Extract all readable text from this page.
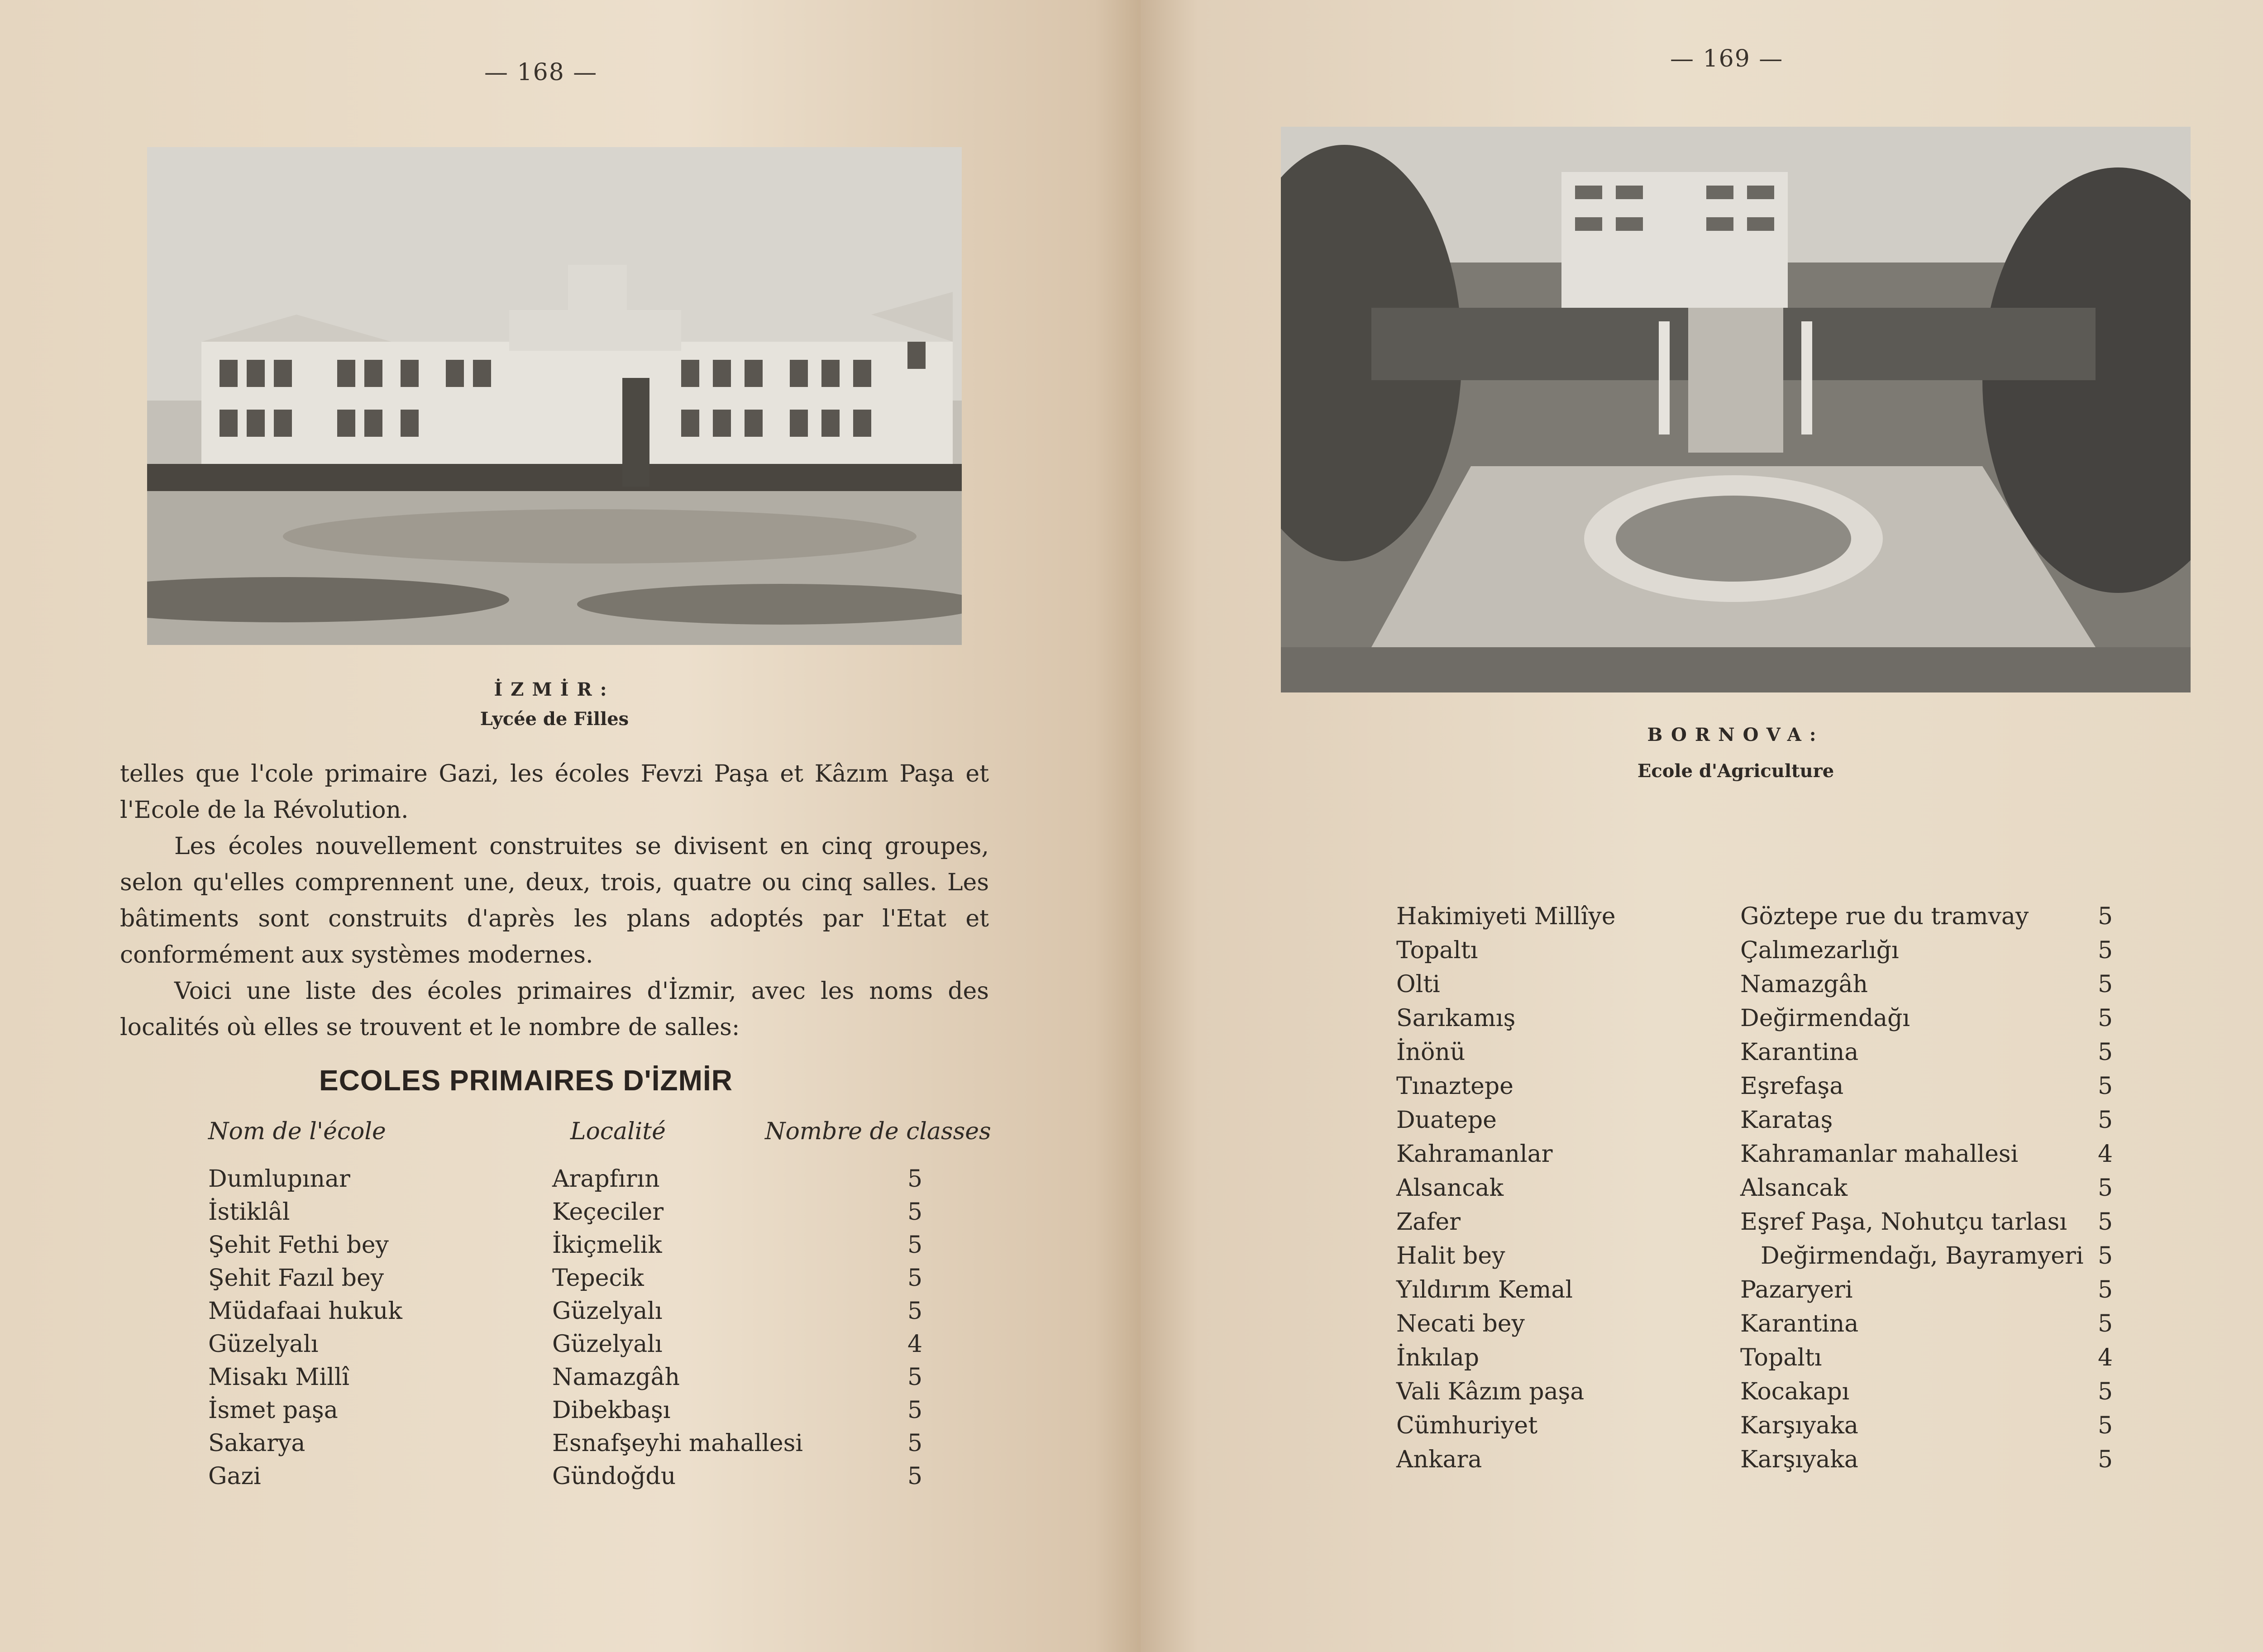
— 168 —
İZMİR:
Lycée de Filles

telles que l'cole primaire Gazi, les écoles Fevzi Paşa et Kâzım Paşa et l'Ecole de la Révolution.

Les écoles nouvellement construites se divisent en cinq groupes, selon qu'elles comprennent une, deux, trois, quatre ou cinq salles. Les bâtiments sont construits d'après les plans adoptés par l'Etat et conformément aux systèmes modernes.

Voici une liste des écoles primaires d'İzmir, avec les noms des localités où elles se trouvent et le nombre de salles:

ECOLES PRIMAIRES D'İZMİR
Nom de l'école	Localité	Nombre de classes
Dumlupınar	Arapfırın	5
İstiklâl	Keçeciler	5
Şehit Fethi bey	İkiçmelik	5
Şehit Fazıl bey	Tepecik	5
Müdafaai hukuk	Güzelyalı	5
Güzelyalı	Güzelyalı	4
Misakı Millî	Namazgâh	5
İsmet paşa	Dibekbaşı	5
Sakarya	Esnafşeyhi mahallesi	5
Gazi	Gündoğdu	5
— 169 —
BORNOVA:
Ecole d'Agriculture
Hakimiyeti Millîye	Göztepe rue du tramvay	5
Topaltı	Çalımezarlığı	5
Olti	Namazgâh	5
Sarıkamış	Değirmendağı	5
İnönü	Karantina	5
Tınaztepe	Eşrefaşa	5
Duatepe	Karataş	5
Kahramanlar	Kahramanlar mahallesi	4
Alsancak	Alsancak	5
Zafer	Eşref Paşa, Nohutçu tarlası 5
Halit bey	Değirmendağı, Bayramyeri 5
Yıldırım Kemal	Pazaryeri	5
Necati bey	Karantina	5
İnkılap	Topaltı	4
Vali Kâzım paşa	Kocakapı	5
Cümhuriyet	Karşıyaka	5
Ankara	Karşıyaka	5
